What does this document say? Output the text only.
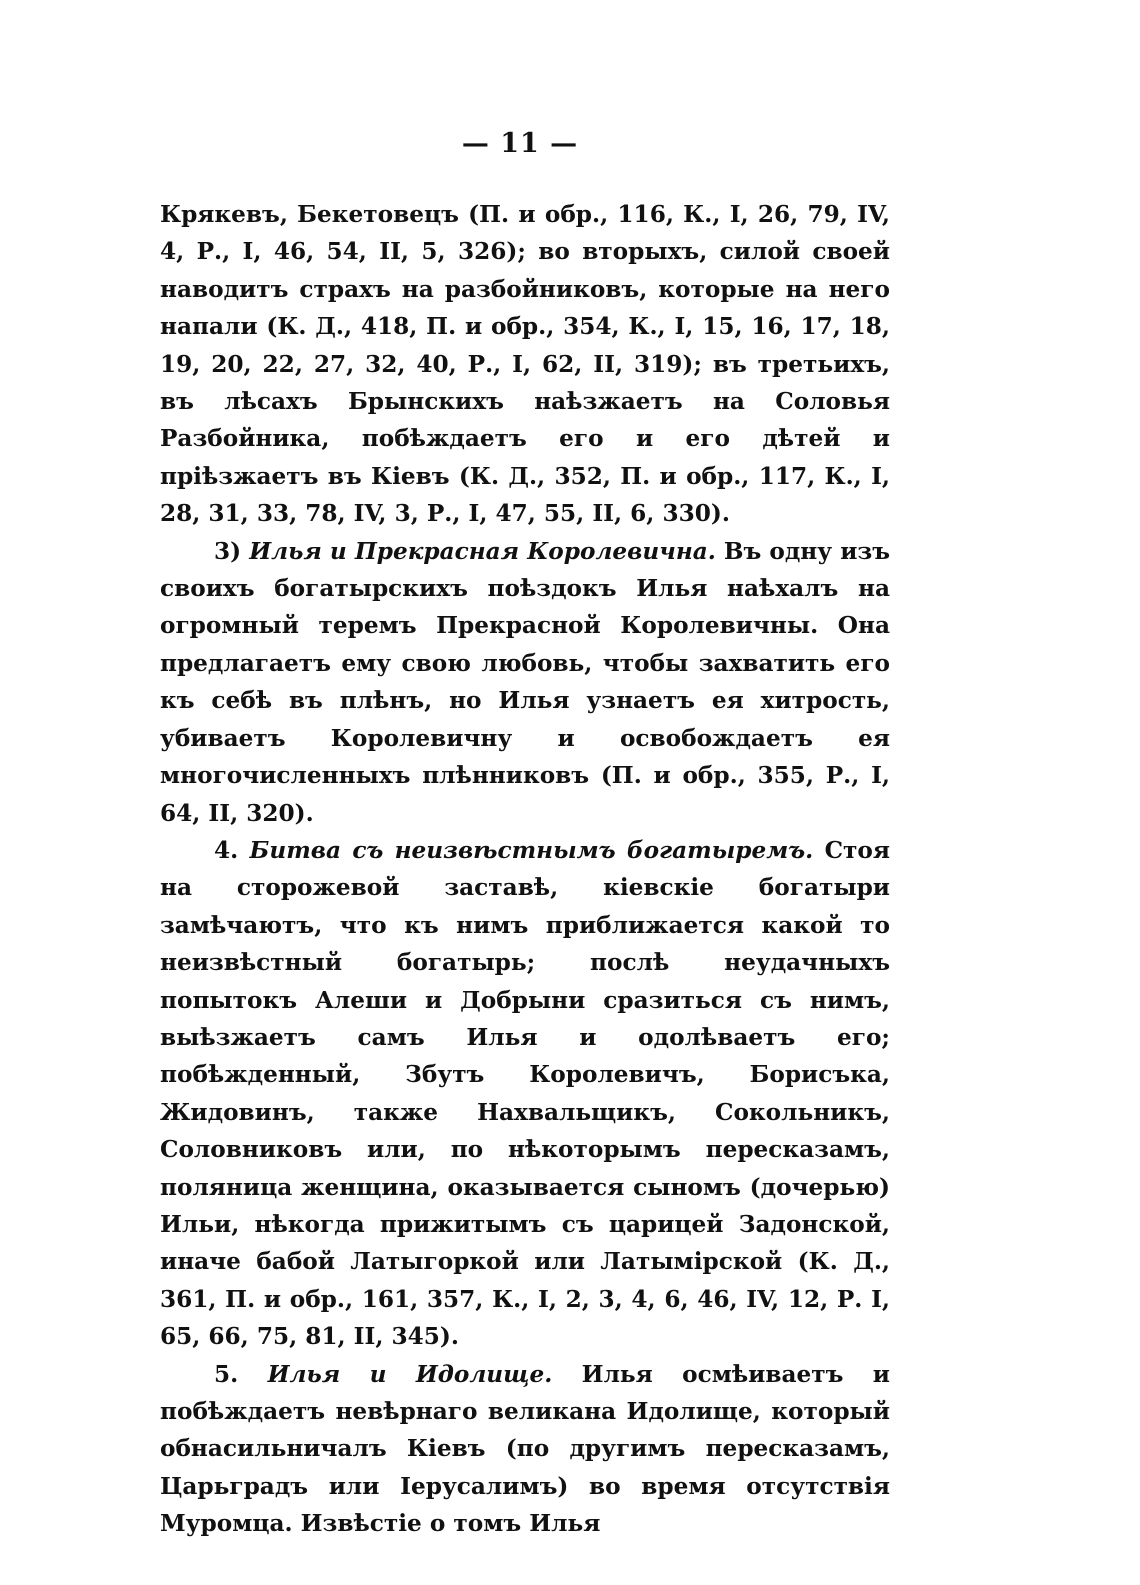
— 11 —

Крякевъ, Бекетовецъ (П. и обр., 116, К., I, 26, 79, IV, 4, Р., I, 46, 54, II, 5, 326); во вторыхъ, силой своей наводитъ страхъ на разбойниковъ, которые на него напали (К. Д., 418, П. и обр., 354, К., I, 15, 16, 17, 18, 19, 20, 22, 27, 32, 40, Р., I, 62, II, 319); въ третьихъ, въ лѣсахъ Брынскихъ наѣзжаетъ на Соловья Разбойника, побѣждаетъ его и его дѣтей и пріѣзжаетъ въ Кіевъ (К. Д., 352, П. и обр., 117, К., I, 28, 31, 33, 78, IV, 3, Р., I, 47, 55, II, 6, 330).

3) Илья и Прекрасная Королевична. Въ одну изъ своихъ богатырскихъ поѣздокъ Илья наѣхалъ на огромный теремъ Прекрасной Королевичны. Она предлагаетъ ему свою любовь, чтобы захватить его къ себѣ въ плѣнъ, но Илья узнаетъ ея хитрость, убиваетъ Королевичну и освобождаетъ ея многочисленныхъ плѣнниковъ (П. и обр., 355, Р., I, 64, II, 320).

4. Битва съ неизвѣстнымъ богатыремъ. Стоя на сторожевой заставѣ, кіевскіе богатыри замѣчаютъ, что къ нимъ приближается какой то неизвѣстный богатырь; послѣ неудачныхъ попытокъ Алеши и Добрыни сразиться съ нимъ, выѣзжаетъ самъ Илья и одолѣваетъ его; побѣжденный, Збутъ Королевичъ, Борисъка, Жидовинъ, также Нахвальщикъ, Сокольникъ, Соловниковъ или, по нѣкоторымъ пересказамъ, поляница женщина, оказывается сыномъ (дочерью) Ильи, нѣкогда прижитымъ съ царицей Задонской, иначе бабой Латыгоркой или Латымірской (К. Д., 361, П. и обр., 161, 357, К., I, 2, 3, 4, 6, 46, IV, 12, Р. I, 65, 66, 75, 81, II, 345).

5. Илья и Идолище. Илья осмѣиваетъ и побѣждаетъ невѣрнаго великана Идолище, который обнасильничалъ Кіевъ (по другимъ пересказамъ, Царьградъ или Іерусалимъ) во время отсутствія Муромца. Извѣстіе о томъ Илья
